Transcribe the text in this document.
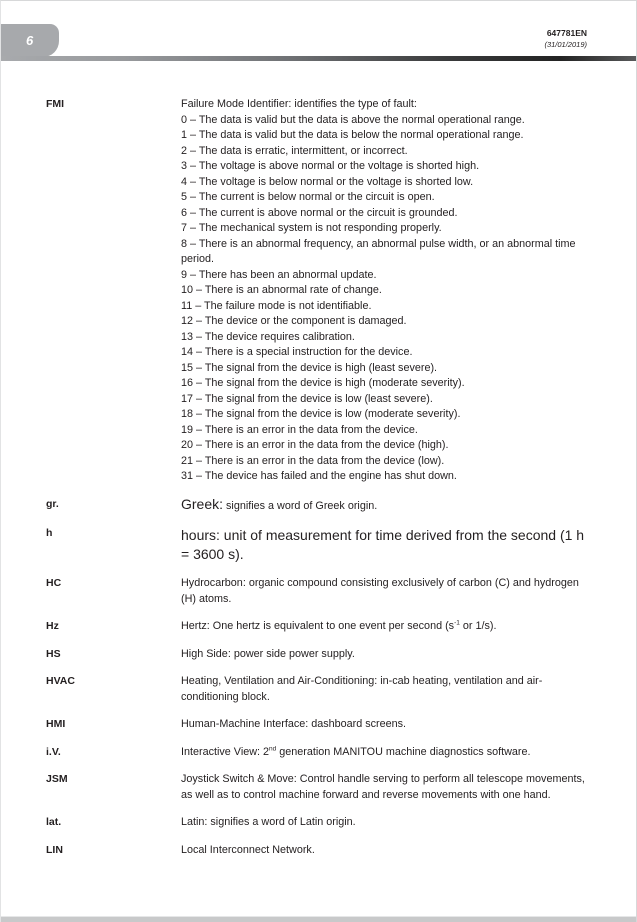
6	647781EN
(31/01/2019)
FMI	Failure Mode Identifier: identifies the type of fault:
0 – The data is valid but the data is above the normal operational range.
1 – The data is valid but the data is below the normal operational range.
2 – The data is erratic, intermittent, or incorrect.
3 – The voltage is above normal or the voltage is shorted high.
4 – The voltage is below normal or the voltage is shorted low.
5 – The current is below normal or the circuit is open.
6 – The current is above normal or the circuit is grounded.
7 – The mechanical system is not responding properly.
8 – There is an abnormal frequency, an abnormal pulse width, or an abnormal time period.
9 – There has been an abnormal update.
10 – There is an abnormal rate of change.
11 – The failure mode is not identifiable.
12 – The device or the component is damaged.
13 – The device requires calibration.
14 – There is a special instruction for the device.
15 – The signal from the device is high (least severe).
16 – The signal from the device is high (moderate severity).
17 – The signal from the device is low (least severe).
18 – The signal from the device is low (moderate severity).
19 – There is an error in the data from the device.
20 – There is an error in the data from the device (high).
21 – There is an error in the data from the device (low).
31 – The device has failed and the engine has shut down.
gr.	Greek: signifies a word of Greek origin.
h	hours: unit of measurement for time derived from the second (1 h = 3600 s).
HC	Hydrocarbon: organic compound consisting exclusively of carbon (C) and hydrogen (H) atoms.
Hz	Hertz: One hertz is equivalent to one event per second ($s^{-1}$ or 1/s).
HS	High Side: power side power supply.
HVAC	Heating, Ventilation and Air-Conditioning: in-cab heating, ventilation and air-conditioning block.
HMI	Human-Machine Interface: dashboard screens.
i.V.	Interactive View: 2nd generation MANITOU machine diagnostics software.
JSM	Joystick Switch & Move: Control handle serving to perform all telescope movements, as well as to control machine forward and reverse movements with one hand.
lat.	Latin: signifies a word of Latin origin.
LIN	Local Interconnect Network.
